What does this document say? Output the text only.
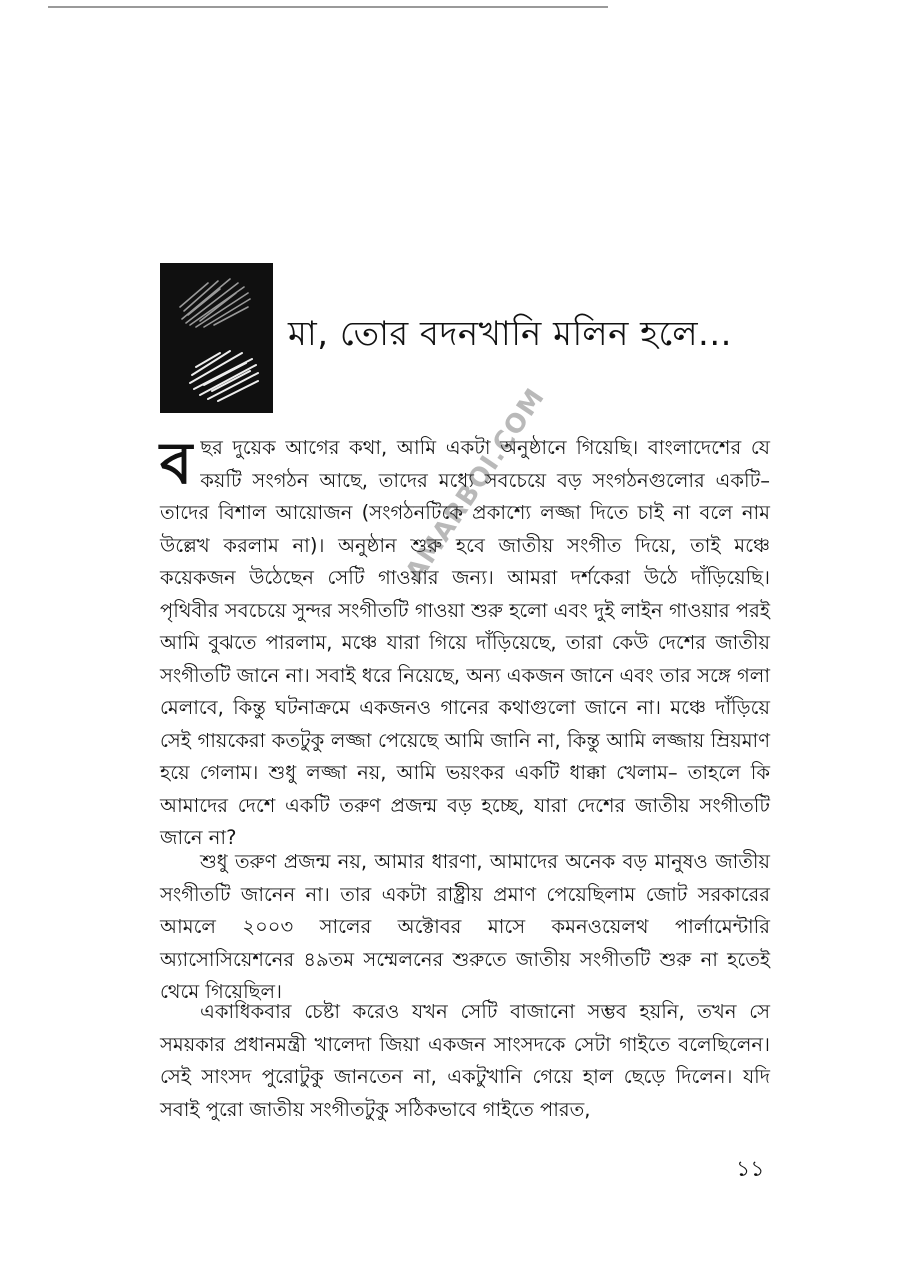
মা, তোর বদনখানি মলিন হলে...
ব ছর দুয়েক আগের কথা, আমি একটা অনুষ্ঠানে গিয়েছি। বাংলাদেশের যে কয়টি সংগঠন আছে, তাদের মধ্যে সবচেয়ে বড় সংগঠনগুলোর একটি– তাদের বিশাল আয়োজন (সংগঠনটিকে প্রকাশ্যে লজ্জা দিতে চাই না বলে নাম উল্লেখ করলাম না)। অনুষ্ঠান শুরু হবে জাতীয় সংগীত দিয়ে, তাই মঞ্চে কয়েকজন উঠেছেন সেটি গাওয়ার জন্য। আমরা দর্শকেরা উঠে দাঁড়িয়েছি। পৃথিবীর সবচেয়ে সুন্দর সংগীতটি গাওয়া শুরু হলো এবং দুই লাইন গাওয়ার পরই আমি বুঝতে পারলাম, মঞ্চে যারা গিয়ে দাঁড়িয়েছে, তারা কেউ দেশের জাতীয় সংগীতটি জানে না। সবাই ধরে নিয়েছে, অন্য একজন জানে এবং তার সঙ্গে গলা মেলাবে, কিন্তু ঘটনাক্রমে একজনও গানের কথাগুলো জানে না। মঞ্চে দাঁড়িয়ে সেই গায়কেরা কতটুকু লজ্জা পেয়েছে আমি জানি না, কিন্তু আমি লজ্জায় ম্রিয়মাণ হয়ে গেলাম। শুধু লজ্জা নয়, আমি ভয়ংকর একটি ধাক্কা খেলাম– তাহলে কি আমাদের দেশে একটি তরুণ প্রজন্ম বড় হচ্ছে, যারা দেশের জাতীয় সংগীতটি জানে না?

শুধু তরুণ প্রজন্ম নয়, আমার ধারণা, আমাদের অনেক বড় মানুষও জাতীয় সংগীতটি জানেন না। তার একটা রাষ্ট্রীয় প্রমাণ পেয়েছিলাম জোট সরকারের আমলে ২০০৩ সালের অক্টোবর মাসে কমনওয়েলথ পার্লামেন্টারি অ্যাসোসিয়েশনের ৪৯তম সম্মেলনের শুরুতে জাতীয় সংগীতটি শুরু না হতেই থেমে গিয়েছিল।

একাধিকবার চেষ্টা করেও যখন সেটি বাজানো সম্ভব হয়নি, তখন সে সময়কার প্রধানমন্ত্রী খালেদা জিয়া একজন সাংসদকে সেটা গাইতে বলেছিলেন। সেই সাংসদ পুরোটুকু জানতেন না, একটুখানি গেয়ে হাল ছেড়ে দিলেন। যদি সবাই পুরো জাতীয় সংগীতটুকু সঠিকভাবে গাইতে পারত,

AMARBOI.COM
১১
